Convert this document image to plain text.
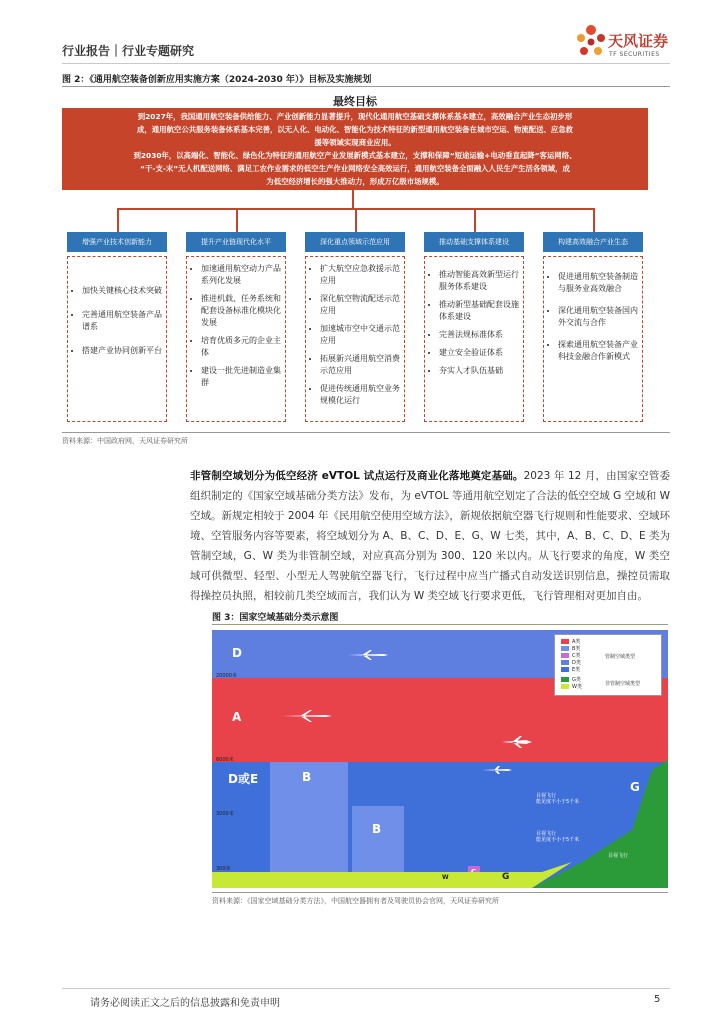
行业报告｜行业专题研究
天风证券
TF SECURITIES
图 2：《通用航空装备创新应用实施方案（2024-2030 年）》目标及实施规划
最终目标
到2027年，我国通用航空装备供给能力、产业创新能力显著提升，现代化通用航空基础支撑体系基本建立，高效融合产业生态初步形
成，通用航空公共服务装备体系基本完善，以无人化、电动化、智能化为技术特征的新型通用航空装备在城市空运、物流配送、应急救
援等领域实现商业应用。
到2030年，以高端化、智能化、绿色化为特征的通用航空产业发展新模式基本建立，支撑和保障“短途运输+电动垂直起降”客运网络、
“干-支-末”无人机配送网络、满足工农作业需求的低空生产作业网络安全高效运行，通用航空装备全面融入人民生产生活各领域，成
为低空经济增长的强大推动力，形成万亿级市场规模。
增强产业技术创新能力
• 加快关键核心技术突破
• 完善通用航空装备产品谱系
• 搭建产业协同创新平台
提升产业链现代化水平
• 加速通用航空动力产品系列化发展
• 推进机载、任务系统和配套设备标准化模块化发展
• 培育优质多元的企业主体
• 建设一批先进制造业集群
深化重点领域示范应用
• 扩大航空应急救援示范应用
• 深化航空物流配送示范应用
• 加速城市空中交通示范应用
• 拓展新兴通用航空消费示范应用
• 促进传统通用航空业务规模化运行
推动基础支撑体系建设
• 推动智能高效新型运行服务体系建设
• 推动新型基础配套设施体系建设
• 完善法规标准体系
• 建立安全验证体系
• 夯实人才队伍基础
构建高效融合产业生态
• 促进通用航空装备制造与服务业高效融合
• 深化通用航空装备国内外交流与合作
• 探索通用航空装备产业科技金融合作新模式
资料来源：中国政府网，天风证券研究所
非管制空域划分为低空经济 eVTOL 试点运行及商业化落地奠定基础。2023 年 12 月，由国家空管委组织制定的《国家空域基础分类方法》发布，为 eVTOL 等通用航空划定了合法的低空空域 G 空域和 W 空域。新规定相较于 2004 年《民用航空使用空域方法》，新规依据航空器飞行规则和性能要求、空域环境、空管服务内容等要素，将空域划分为 A、B、C、D、E、G、W 七类，其中，A、B、C、D、E 类为管制空域，G、W 类为非管制空域，对应真高分别为 300、120 米以内。从飞行要求的角度，W 类空域可供微型、轻型、小型无人驾驶航空器飞行，飞行过程中应当广播式自动发送识别信息，操控员需取得操控员执照，相较前几类空域而言，我们认为 W 类空域飞行要求更低，飞行管理相对更加自由。
图 3：国家空域基础分类示意图
D
A
D或E
20000米
6000米
3000米
300米
B
B
G
G
W
目视飞行
能见度不小于5千米
目视飞行
能见度不小于5千米
目视飞行
A类
B类
C类
D类
E类
G类
W类
管制空域类型
非管制空域类型
资料来源：《国家空域基础分类方法》，中国航空器拥有者及驾驶员协会官网，天风证券研究所
请务必阅读正文之后的信息披露和免责申明	5
